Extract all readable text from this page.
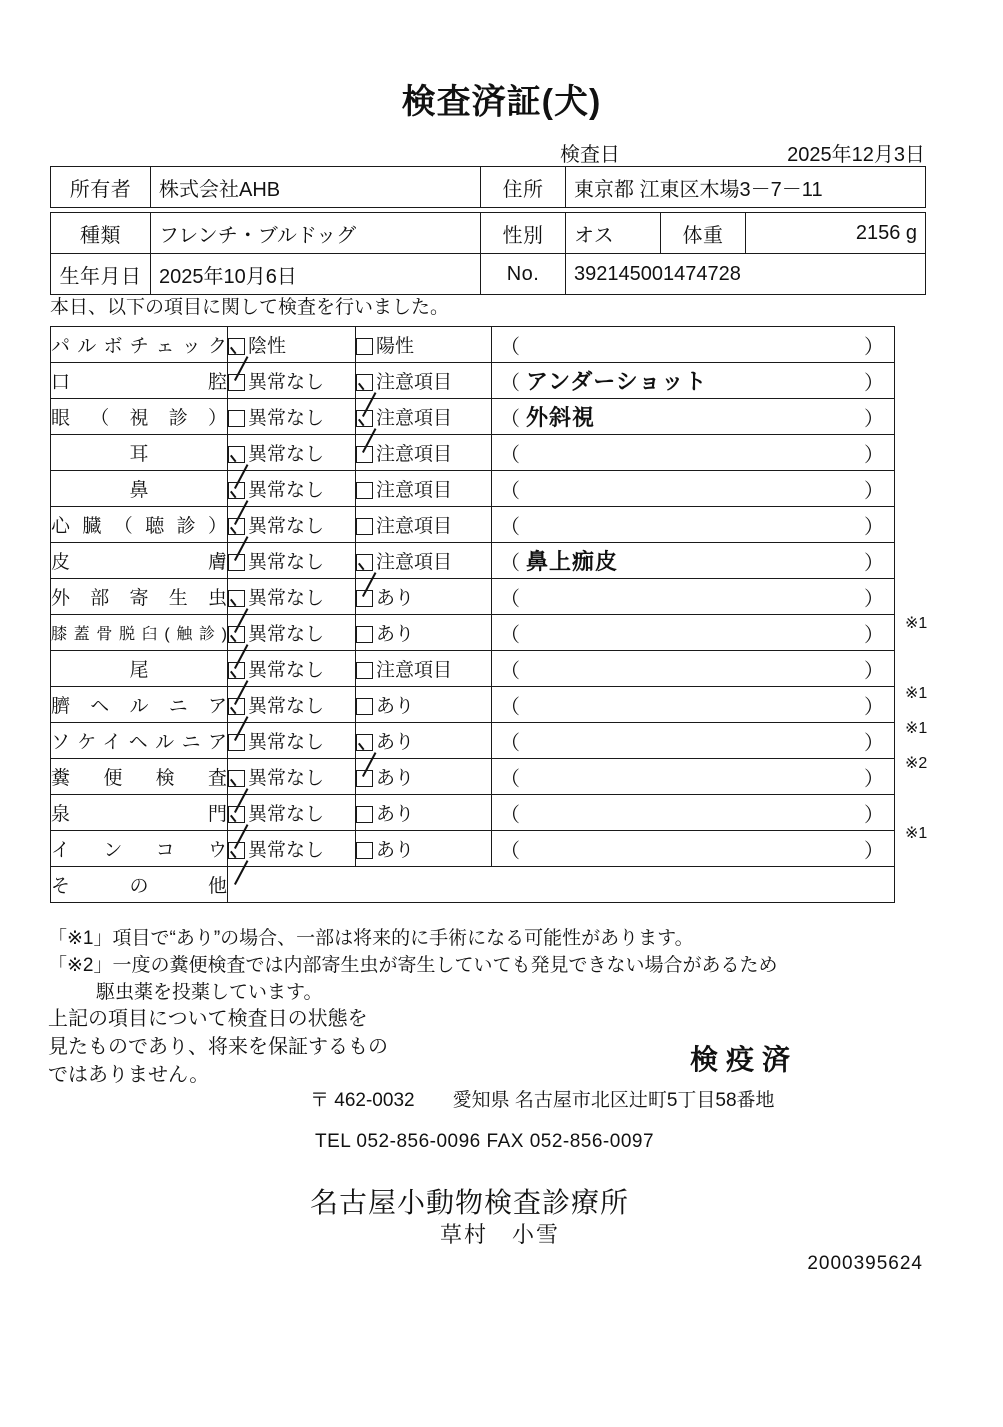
検査済証(犬)
検査日	2025年12月3日
所有者	株式会社AHB	住所	東京都 江東区木場3－7－11
種類	フレンチ・ブルドッグ	性別	オス	体重	2156 g
生年月日	2025年10月6日	No.	392145001474728		
本日、以下の項目に関して検査を行いました。
パルボチェック	陰性	陽性	（ ）

口　　　　　腔	異常なし	注意項目	（ アンダーショット ）

眼（視診）	異常なし	注意項目	（ 外斜視 ）

耳	異常なし	注意項目	（ ）

鼻	異常なし	注意項目	（ ）

心臓（聴診）	異常なし	注意項目	（ ）

皮　　　　　膚	異常なし	注意項目	（ 鼻上痂皮 ）

外部寄生虫	異常なし	あり	（ ）

膝蓋骨脱臼(触診)	異常なし	あり	（ ）

尾	異常なし	注意項目	（ ）

臍ヘルニア	異常なし	あり	（ ）

ソケイヘルニア	異常なし	あり	（ ）

糞便検査	異常なし	あり	（ ）

泉　　　　　門	異常なし	あり	（ ）

インコウ	異常なし	あり	（ ）

その他			
※1
※1
※1
※2
※1
「※1」項目で“あり”の場合、一部は将来的に手術になる可能性があります。
「※2」一度の糞便検査では内部寄生虫が寄生していても発見できない場合があるため
駆虫薬を投薬しています。
上記の項目について検査日の状態を
見たものであり、将来を保証するもの
ではありません。	検疫済
〒 462-0032　　愛知県 名古屋市北区辻町5丁目58番地
TEL 052-856-0096 FAX 052-856-0097
名古屋小動物検査診療所
草村　小雪
2000395624
